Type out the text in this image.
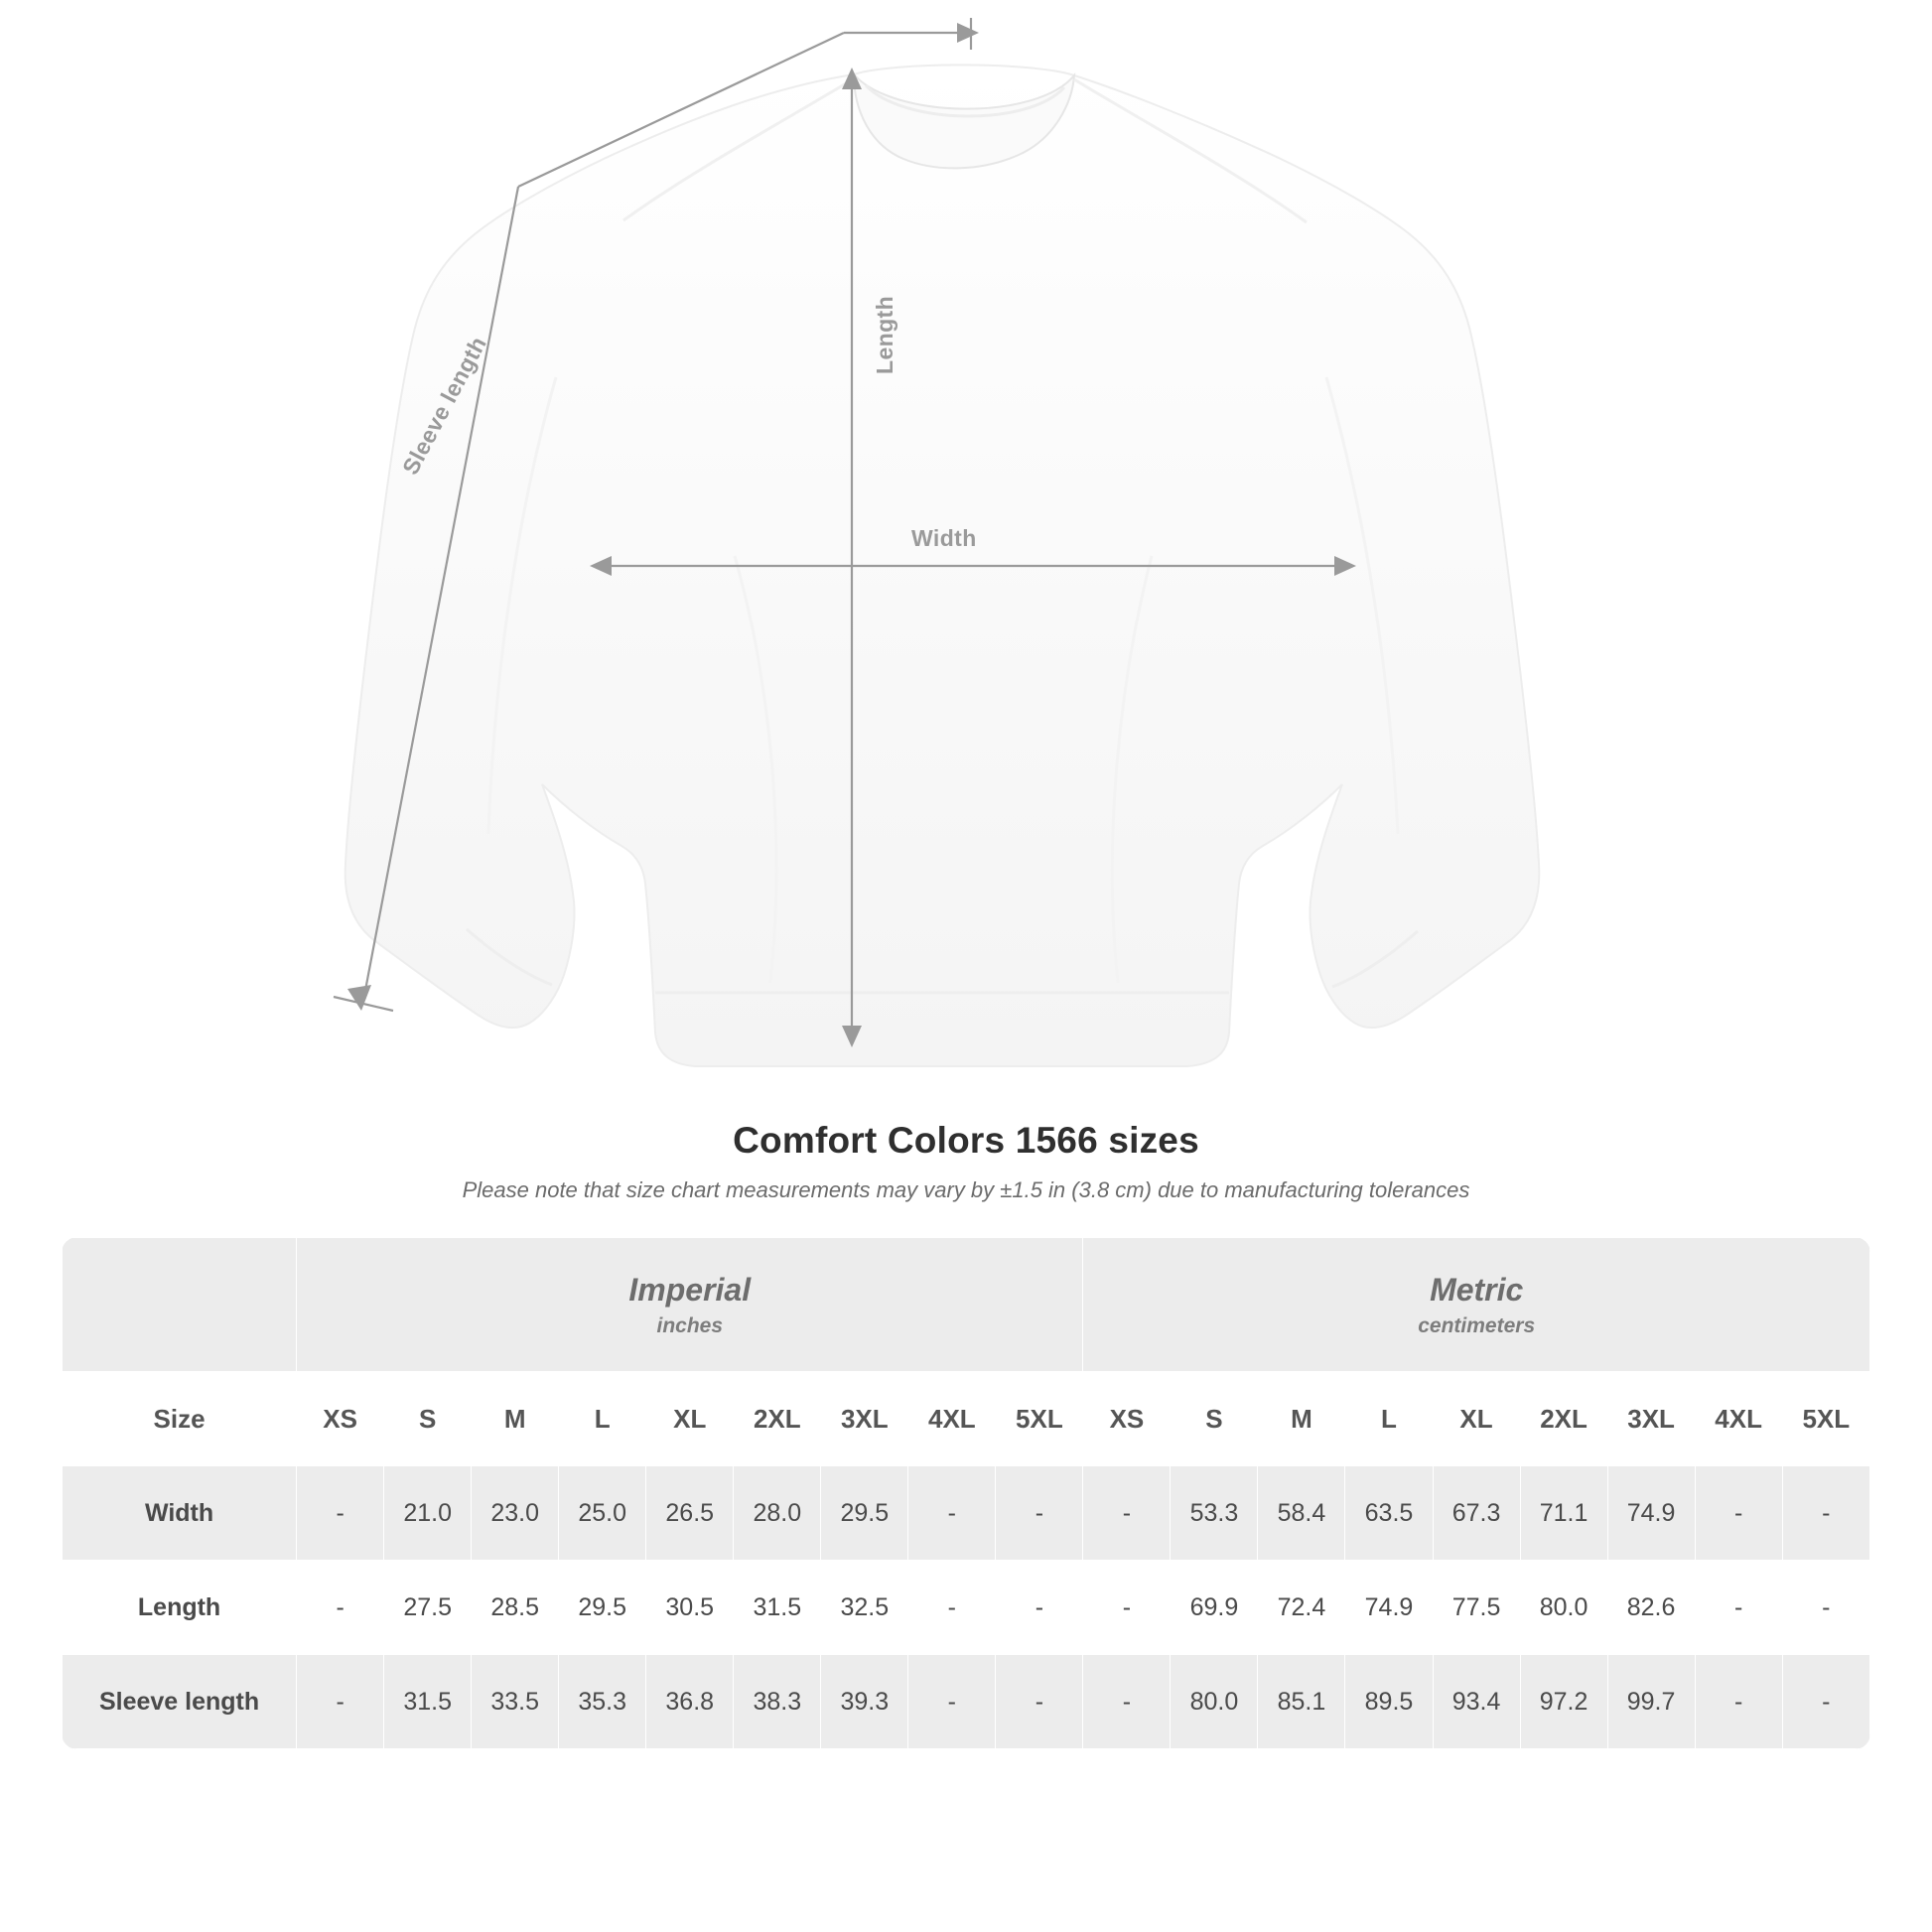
Length
Width
Sleeve length
Comfort Colors 1566 sizes
Please note that size chart measurements may vary by ±1.5 in (3.8 cm) due to manufacturing tolerances

Imperial
inches

Metric
centimeters

Size	XS	S	M	L	XL	2XL	3XL	4XL	5XL	XS	S	M	L	XL	2XL	3XL	4XL	5XL
Width	-	21.0	23.0	25.0	26.5	28.0	29.5	-	-	-	53.3	58.4	63.5	67.3	71.1	74.9	-	-
Length	-	27.5	28.5	29.5	30.5	31.5	32.5	-	-	-	69.9	72.4	74.9	77.5	80.0	82.6	-	-
Sleeve length	-	31.5	33.5	35.3	36.8	38.3	39.3	-	-	-	80.0	85.1	89.5	93.4	97.2	99.7	-	-
